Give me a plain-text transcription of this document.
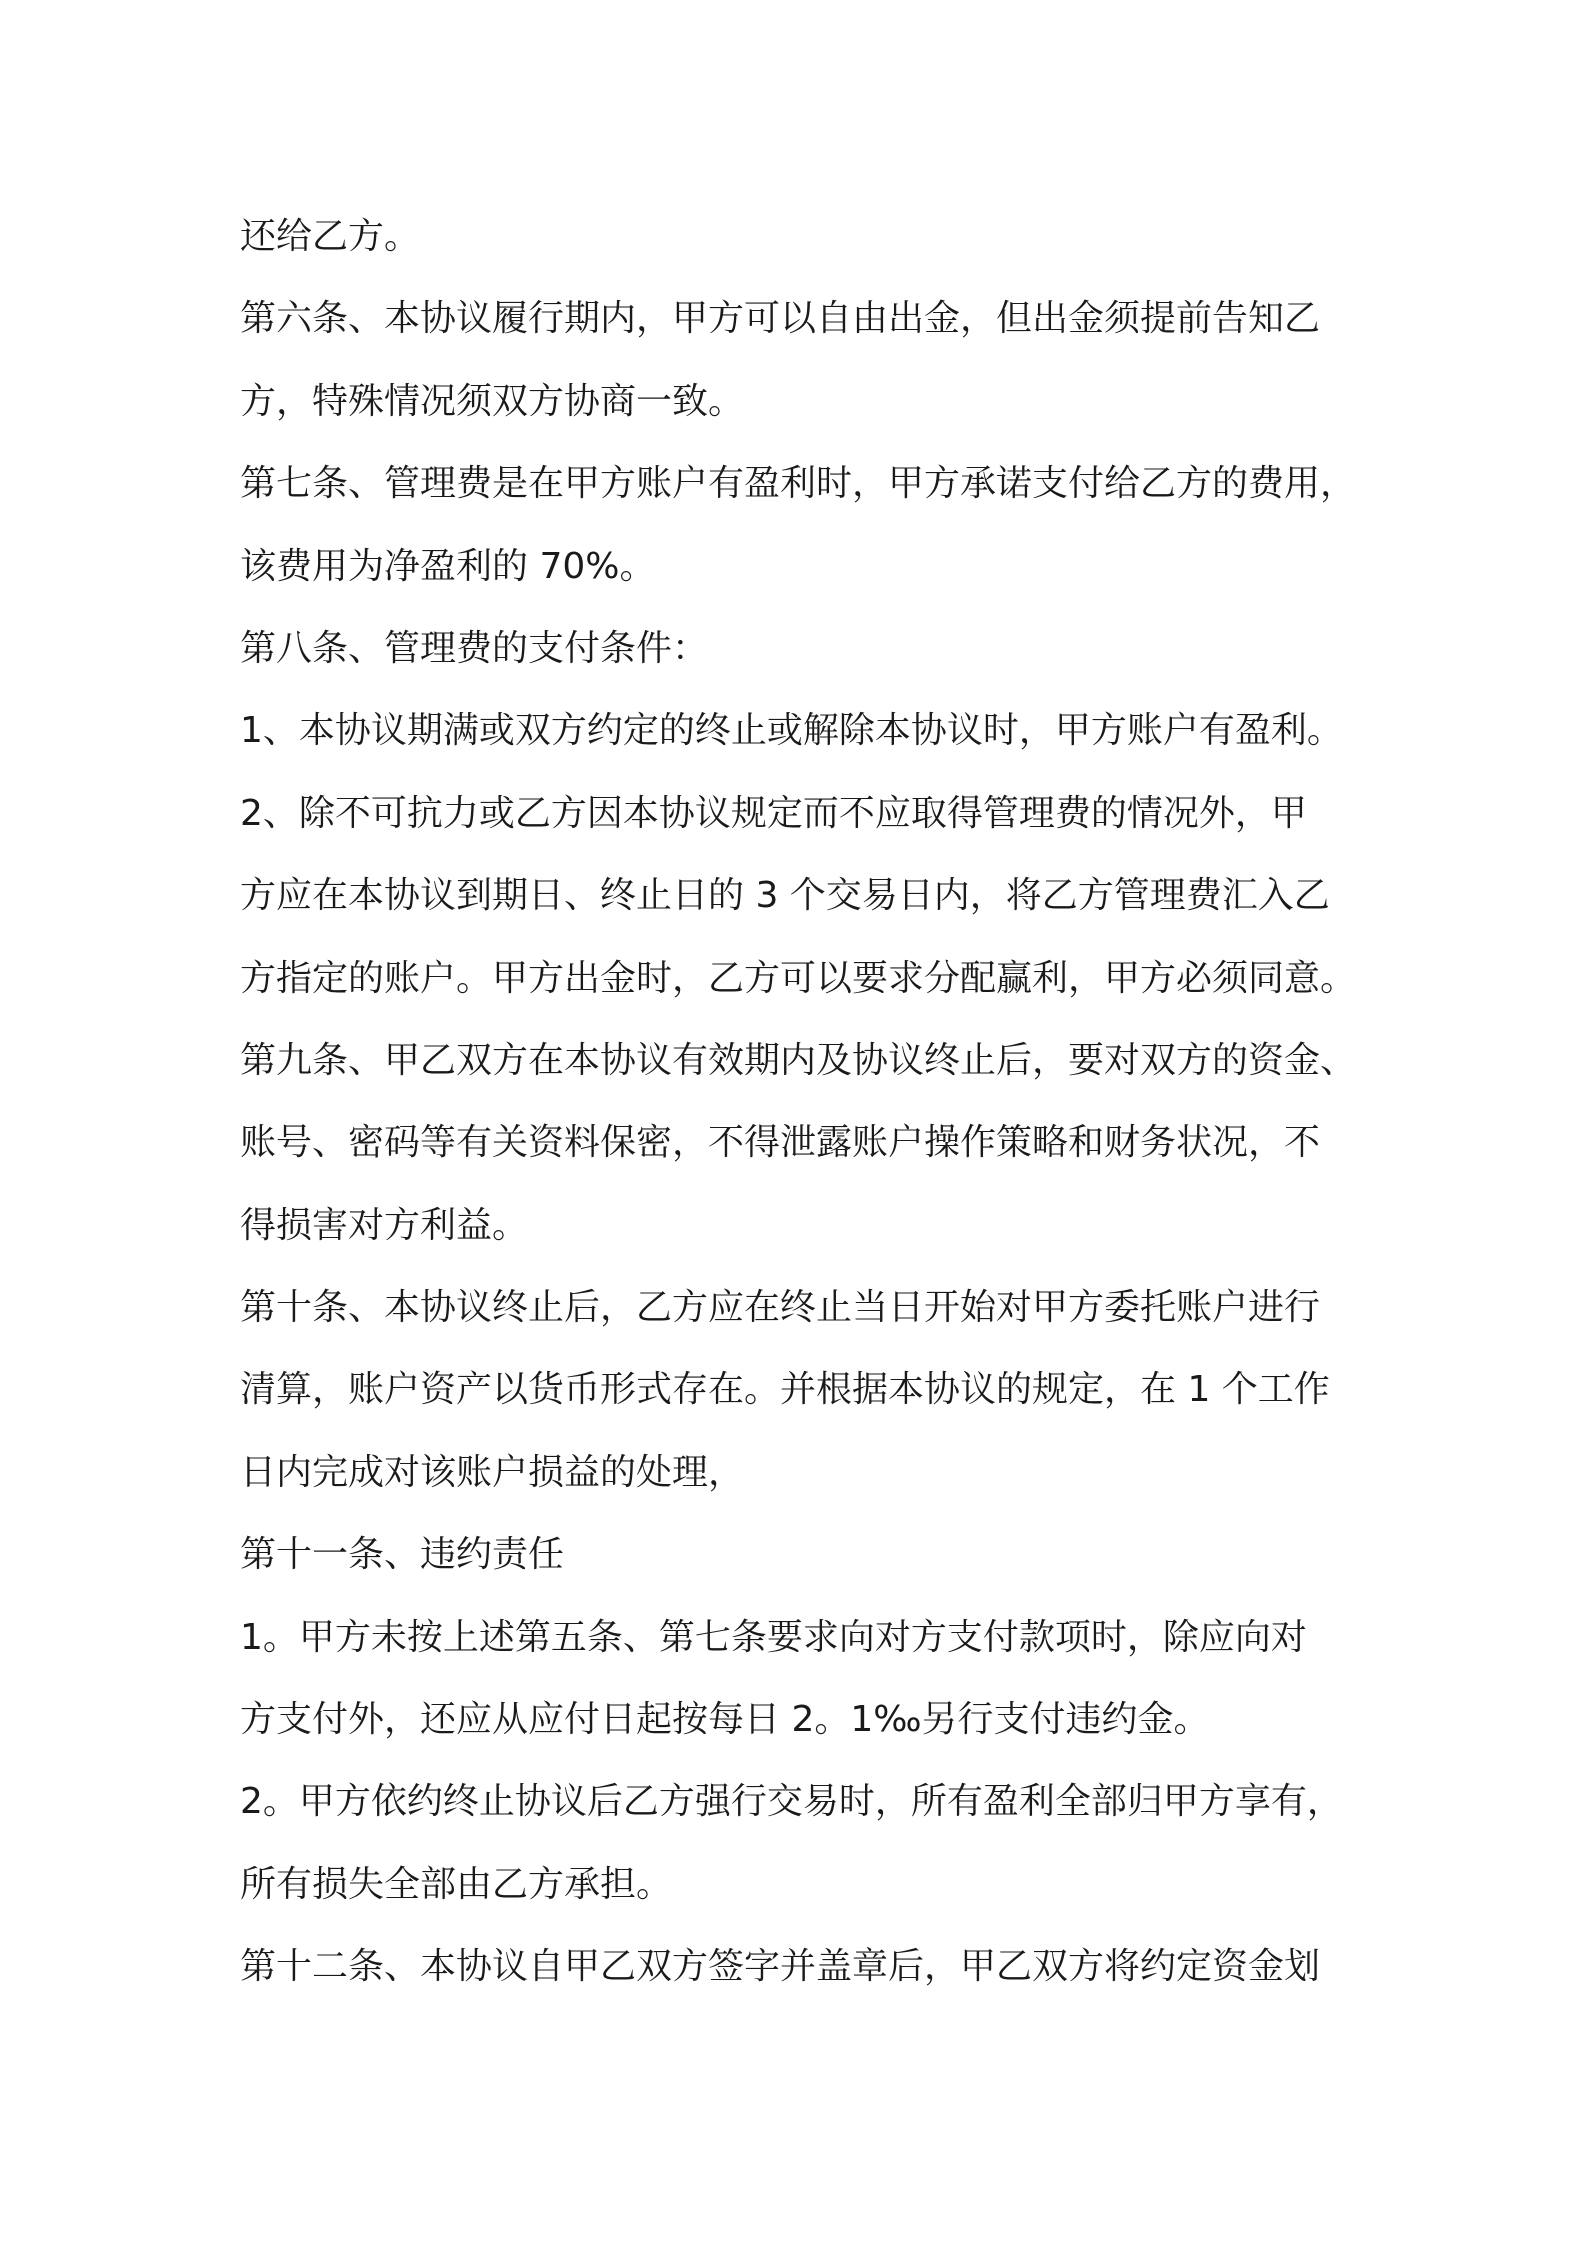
还给乙方。
第六条、本协议履行期内，甲方可以自由出金，但出金须提前告知乙
方，特殊情况须双方协商一致。
第七条、管理费是在甲方账户有盈利时，甲方承诺支付给乙方的费用，
该费用为净盈利的 70%。
第八条、管理费的支付条件：
1、本协议期满或双方约定的终止或解除本协议时，甲方账户有盈利。
2、除不可抗力或乙方因本协议规定而不应取得管理费的情况外，甲
方应在本协议到期日、终止日的 3 个交易日内，将乙方管理费汇入乙
方指定的账户。甲方出金时，乙方可以要求分配赢利，甲方必须同意。
第九条、甲乙双方在本协议有效期内及协议终止后，要对双方的资金、
账号、密码等有关资料保密，不得泄露账户操作策略和财务状况，不
得损害对方利益。
第十条、本协议终止后，乙方应在终止当日开始对甲方委托账户进行
清算，账户资产以货币形式存在。并根据本协议的规定，在 1 个工作
日内完成对该账户损益的处理，
第十一条、违约责任
1。甲方未按上述第五条、第七条要求向对方支付款项时，除应向对
方支付外，还应从应付日起按每日 2。1‰另行支付违约金。
2。甲方依约终止协议后乙方强行交易时，所有盈利全部归甲方享有，
所有损失全部由乙方承担。
第十二条、本协议自甲乙双方签字并盖章后，甲乙双方将约定资金划
